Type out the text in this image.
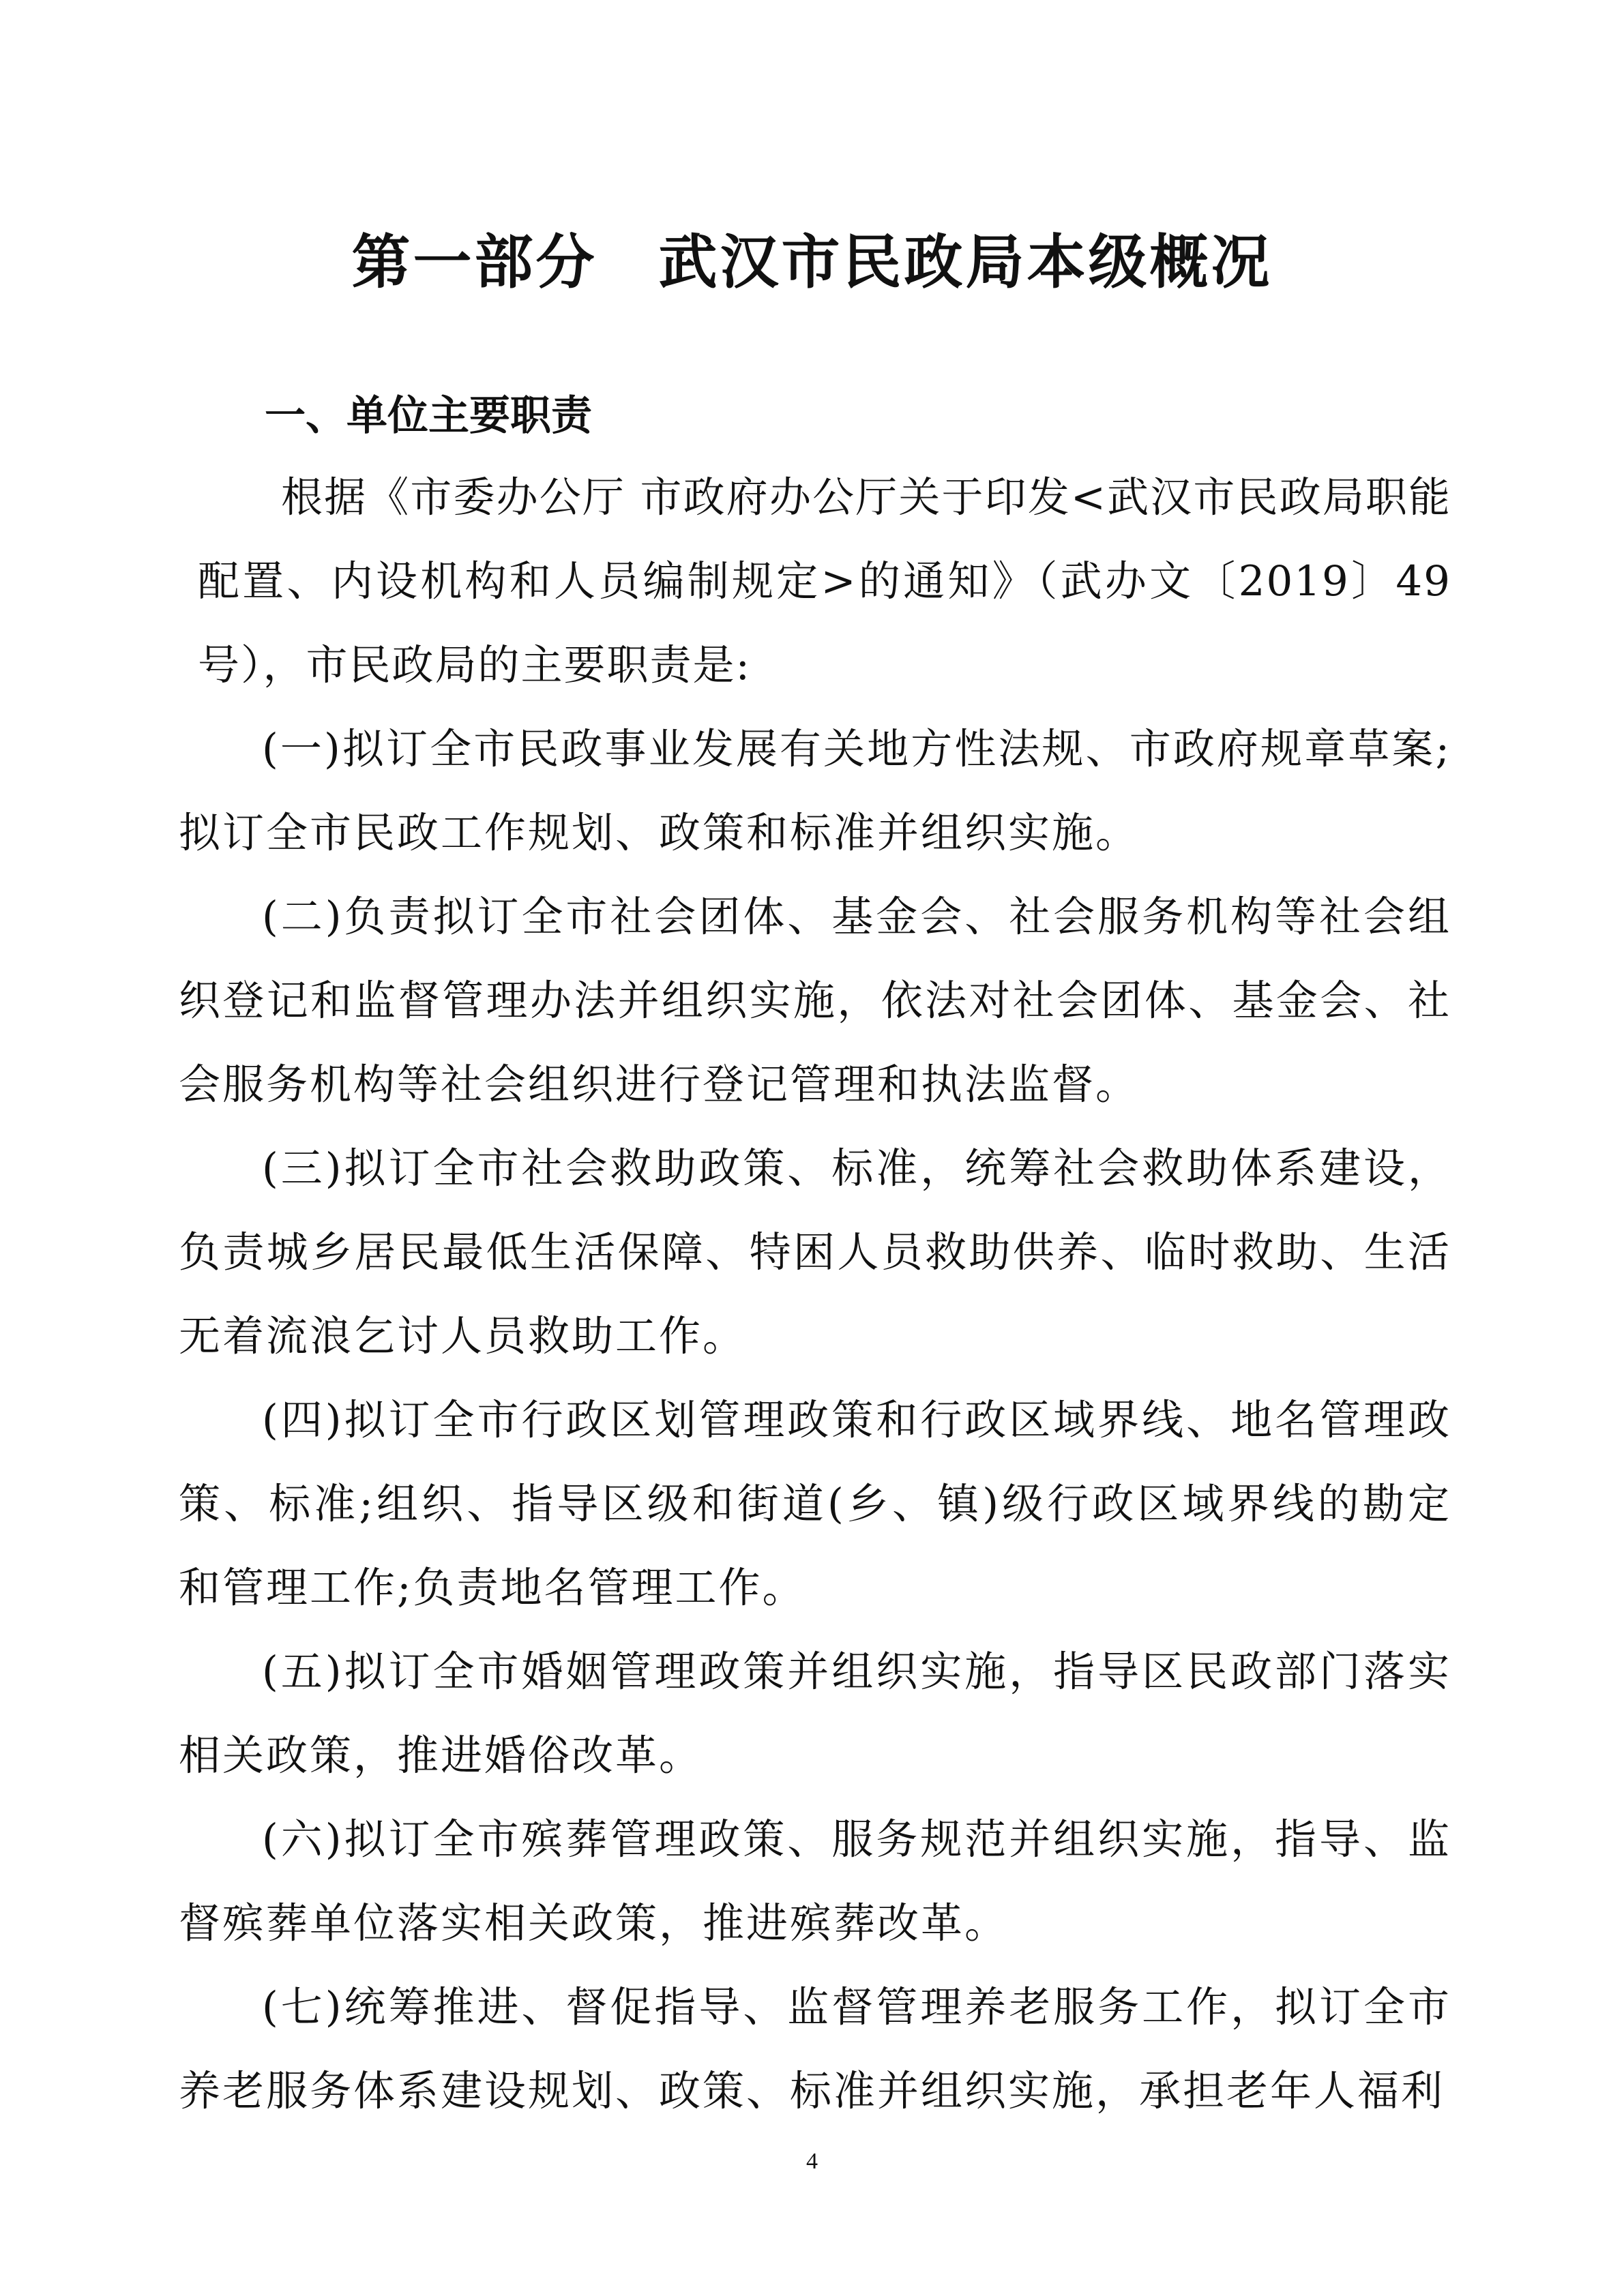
第一部分　武汉市民政局本级概况
一、单位主要职责

根据《市委办公厅 市政府办公厅关于印发<武汉市民政局职能配置、内设机构和人员编制规定>的通知》（武办文〔2019〕49 号），市民政局的主要职责是:

(一)拟订全市民政事业发展有关地方性法规、市政府规章草案;拟订全市民政工作规划、政策和标准并组织实施。

(二)负责拟订全市社会团体、基金会、社会服务机构等社会组织登记和监督管理办法并组织实施，依法对社会团体、基金会、社会服务机构等社会组织进行登记管理和执法监督。

(三)拟订全市社会救助政策、标准，统筹社会救助体系建设，负责城乡居民最低生活保障、特困人员救助供养、临时救助、生活无着流浪乞讨人员救助工作。

(四)拟订全市行政区划管理政策和行政区域界线、地名管理政策、标准;组织、指导区级和街道(乡、镇)级行政区域界线的勘定和管理工作;负责地名管理工作。

(五)拟订全市婚姻管理政策并组织实施，指导区民政部门落实相关政策，推进婚俗改革。

(六)拟订全市殡葬管理政策、服务规范并组织实施，指导、监督殡葬单位落实相关政策，推进殡葬改革。

(七)统筹推进、督促指导、监督管理养老服务工作，拟订全市养老服务体系建设规划、政策、标准并组织实施，承担老年人福利

4
